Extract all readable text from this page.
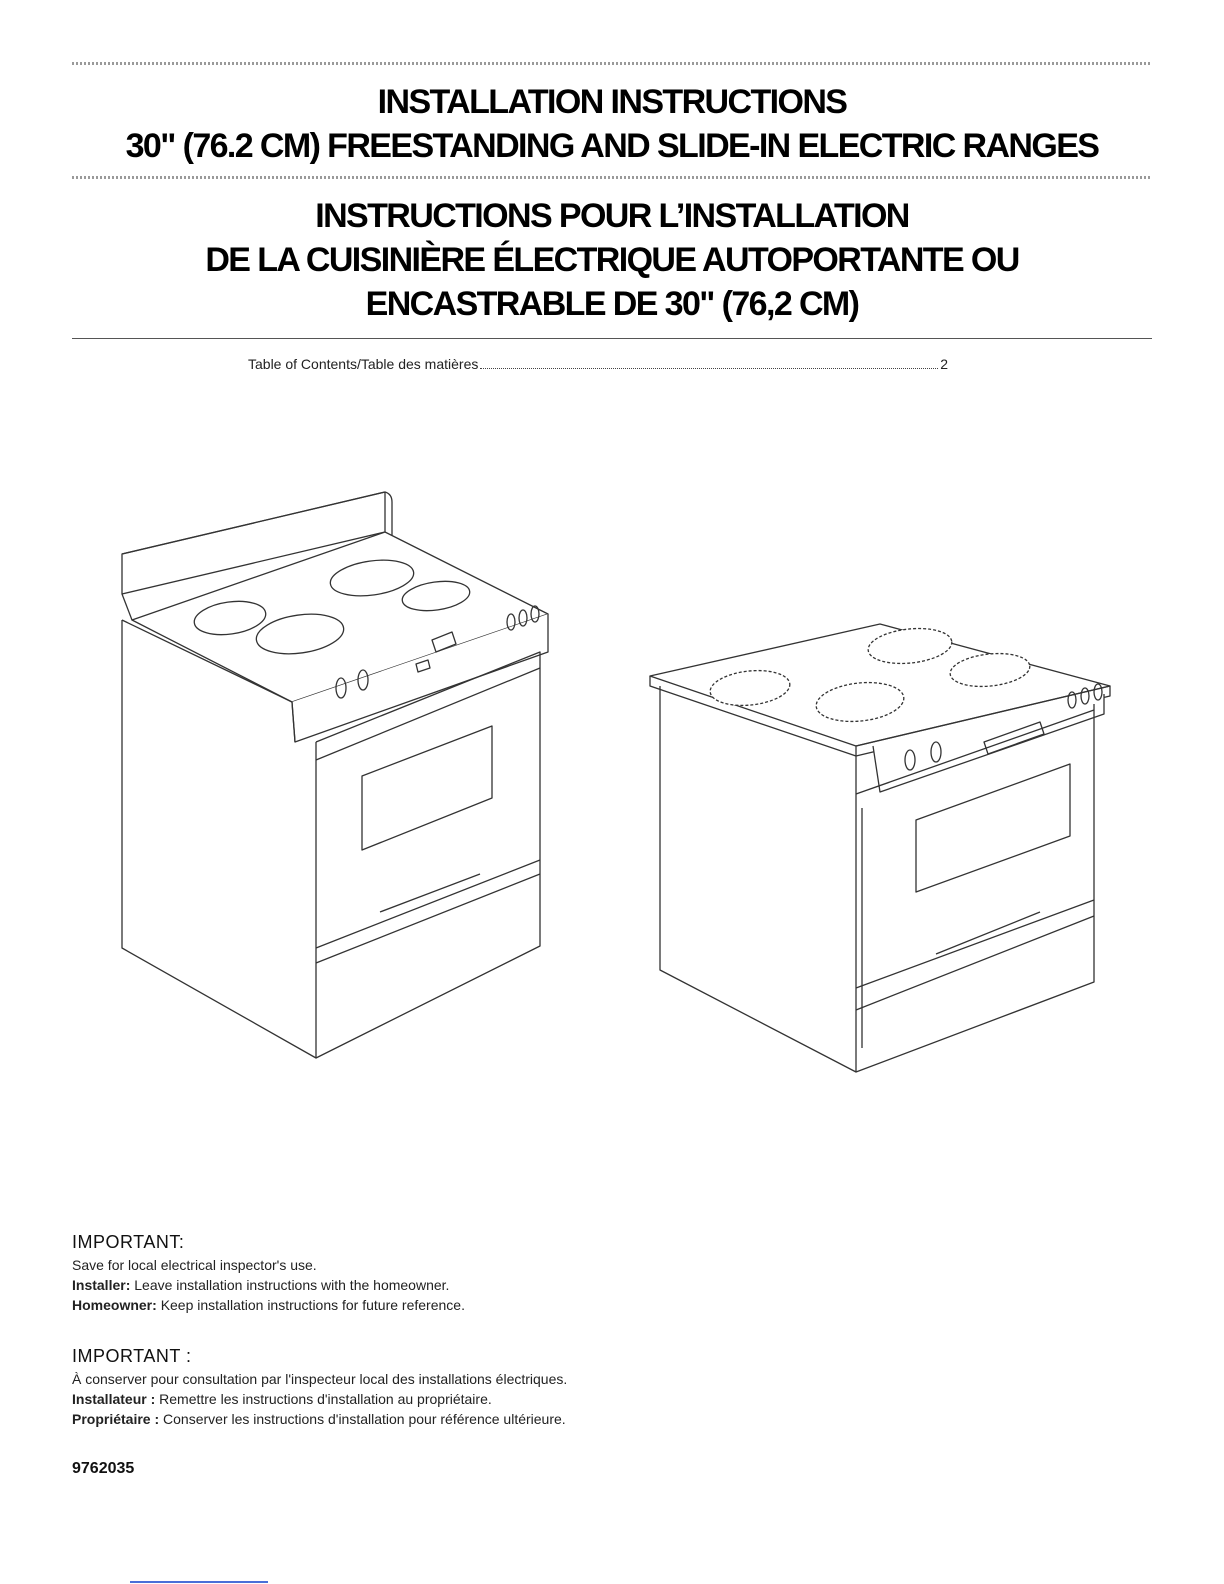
INSTALLATION INSTRUCTIONS
30" (76.2 CM) FREESTANDING AND SLIDE-IN ELECTRIC RANGES
INSTRUCTIONS POUR L’INSTALLATION
DE LA CUISINIÈRE ÉLECTRIQUE AUTOPORTANTE OU
ENCASTRABLE DE 30" (76,2 CM)
Table of Contents/Table des matières	2
IMPORTANT:

Save for local electrical inspector's use.

Installer: Leave installation instructions with the homeowner.

Homeowner: Keep installation instructions for future reference.

IMPORTANT :

À conserver pour consultation par l'inspecteur local des installations électriques.

Installateur : Remettre les instructions d'installation au propriétaire.

Propriétaire : Conserver les instructions d'installation pour référence ultérieure.

9762035
